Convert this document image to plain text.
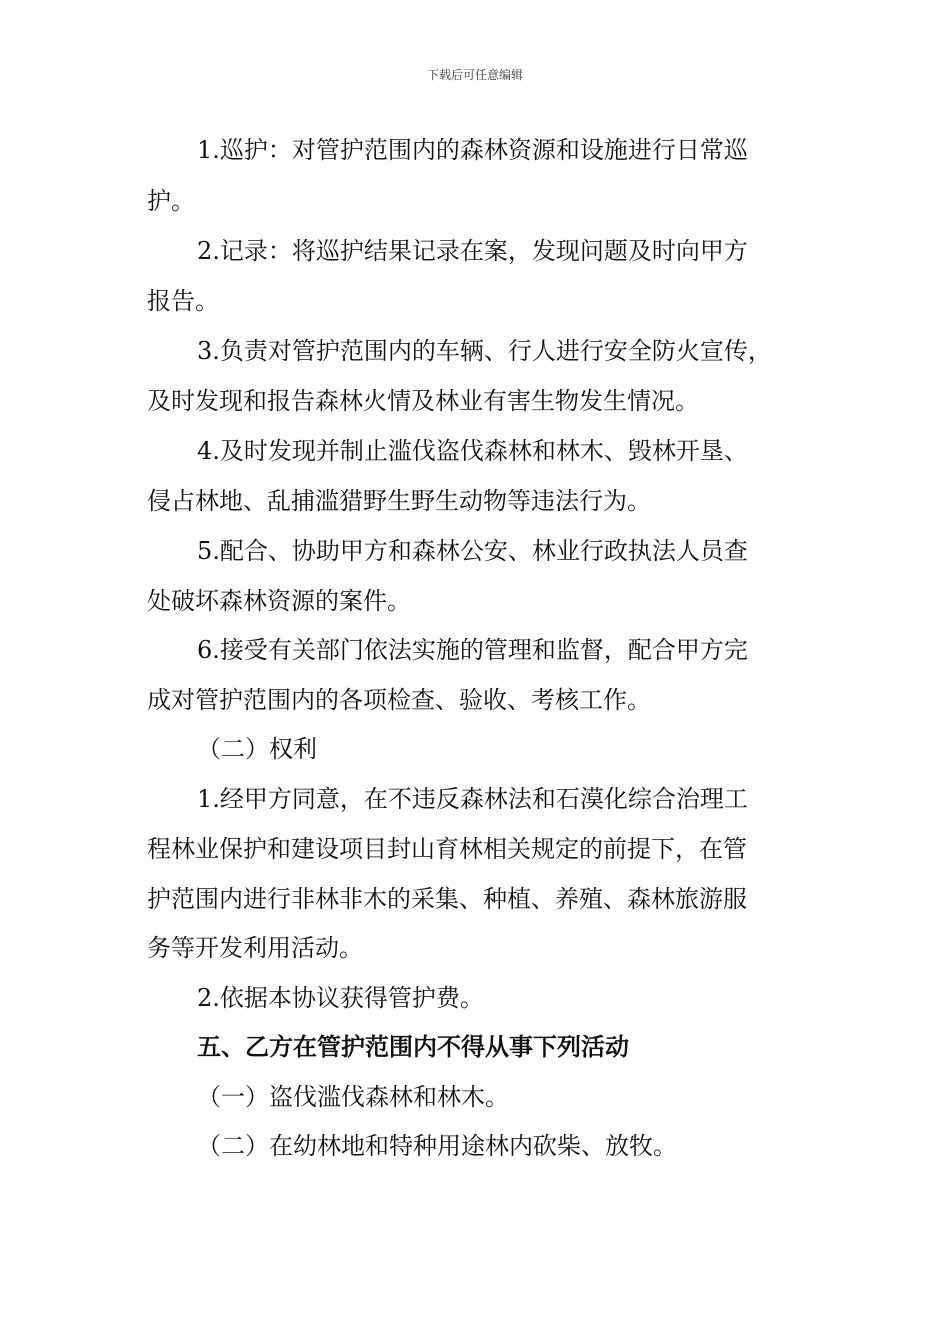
下载后可任意编辑
1.巡护：对管护范围内的森林资源和设施进行日常巡
护。
2.记录：将巡护结果记录在案，发现问题及时向甲方
报告。
3.负责对管护范围内的车辆、行人进行安全防火宣传，
及时发现和报告森林火情及林业有害生物发生情况。
4.及时发现并制止滥伐盗伐森林和林木、毁林开垦、
侵占林地、乱捕滥猎野生野生动物等违法行为。
5.配合、协助甲方和森林公安、林业行政执法人员查
处破坏森林资源的案件。
6.接受有关部门依法实施的管理和监督，配合甲方完
成对管护范围内的各项检查、验收、考核工作。
（二）权利
1.经甲方同意，在不违反森林法和石漠化综合治理工
程林业保护和建设项目封山育林相关规定的前提下，在管
护范围内进行非林非木的采集、种植、养殖、森林旅游服
务等开发利用活动。
2.依据本协议获得管护费。
五、乙方在管护范围内不得从事下列活动
（一）盗伐滥伐森林和林木。
（二）在幼林地和特种用途林内砍柴、放牧。
